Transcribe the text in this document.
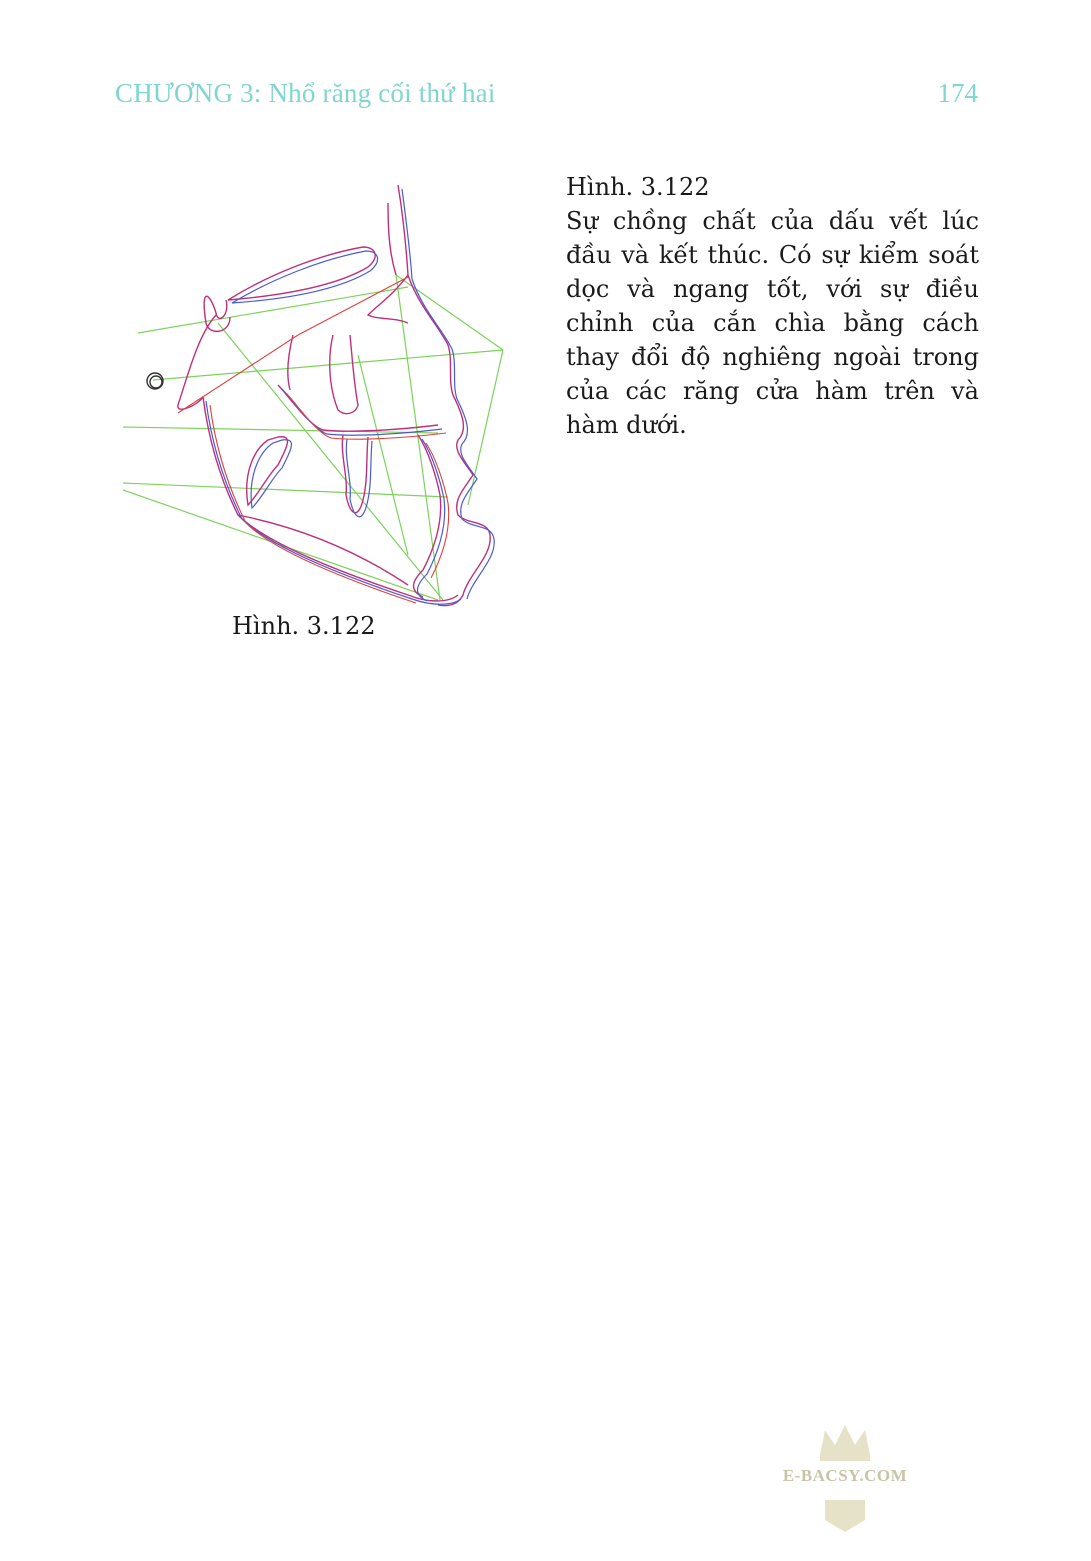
CHƯƠNG 3: Nhổ răng cối thứ hai	174
Hình. 3.122
Hình. 3.122
Sự chồng chất của dấu vết lúc đầu và kết thúc. Có sự kiểm soát dọc và ngang tốt, với sự điều chỉnh của cắn chìa bằng cách thay đổi độ nghiêng ngoài trong của các răng cửa hàm trên và hàm dưới.
E-BACSY.COM
